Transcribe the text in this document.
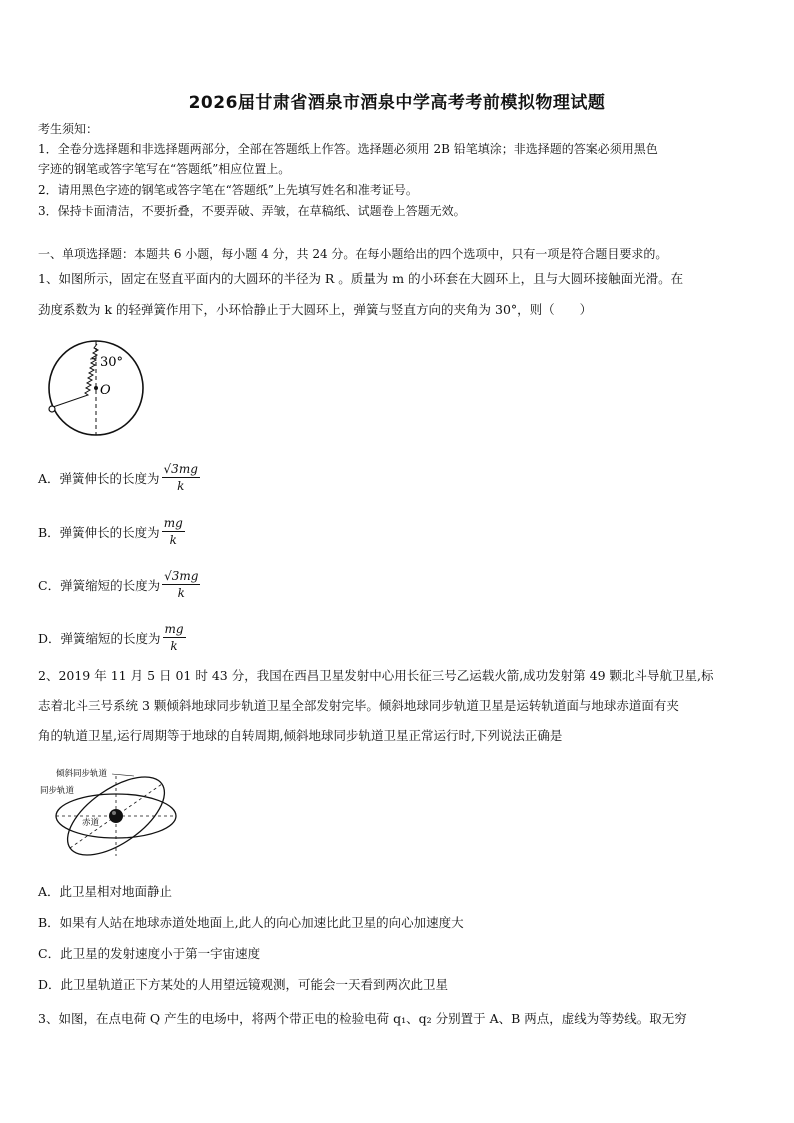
2026届甘肃省酒泉市酒泉中学高考考前模拟物理试题
考生须知：
1．全卷分选择题和非选择题两部分，全部在答题纸上作答。选择题必须用 2B 铅笔填涂；非选择题的答案必须用黑色
字迹的钢笔或答字笔写在“答题纸”相应位置上。
2．请用黑色字迹的钢笔或答字笔在“答题纸”上先填写姓名和准考证号。
3．保持卡面清洁，不要折叠，不要弄破、弄皱，在草稿纸、试题卷上答题无效。
一、单项选择题：本题共 6 小题，每小题 4 分，共 24 分。在每小题给出的四个选项中，只有一项是符合题目要求的。
1、如图所示，固定在竖直平面内的大圆环的半径为 R 。质量为 m 的小环套在大圆环上，且与大圆环接触面光滑。在
劲度系数为 k 的轻弹簧作用下，小环恰静止于大圆环上，弹簧与竖直方向的夹角为 30°，则（　　）
30°
O
A．弹簧伸长的长度为 $\frac{√3mg}{k}$
B．弹簧伸长的长度为 $\frac{mg}{k}$
C．弹簧缩短的长度为 $\frac{√3mg}{k}$
D．弹簧缩短的长度为 $\frac{mg}{k}$
2、2019 年 11 月 5 日 01 时 43 分，我国在西昌卫星发射中心用长征三号乙运载火箭,成功发射第 49 颗北斗导航卫星,标
志着北斗三号系统 3 颗倾斜地球同步轨道卫星全部发射完毕。倾斜地球同步轨道卫星是运转轨道面与地球赤道面有夹
角的轨道卫星,运行周期等于地球的自转周期,倾斜地球同步轨道卫星正常运行时,下列说法正确是
倾斜同步轨道
同步轨道
赤道
A．此卫星相对地面静止
B．如果有人站在地球赤道处地面上,此人的向心加速比此卫星的向心加速度大
C．此卫星的发射速度小于第一宇宙速度
D．此卫星轨道正下方某处的人用望远镜观测，可能会一天看到两次此卫星
3、如图，在点电荷 Q 产生的电场中，将两个带正电的检验电荷 q₁、q₂ 分别置于 A、B 两点，虚线为等势线。取无穷
